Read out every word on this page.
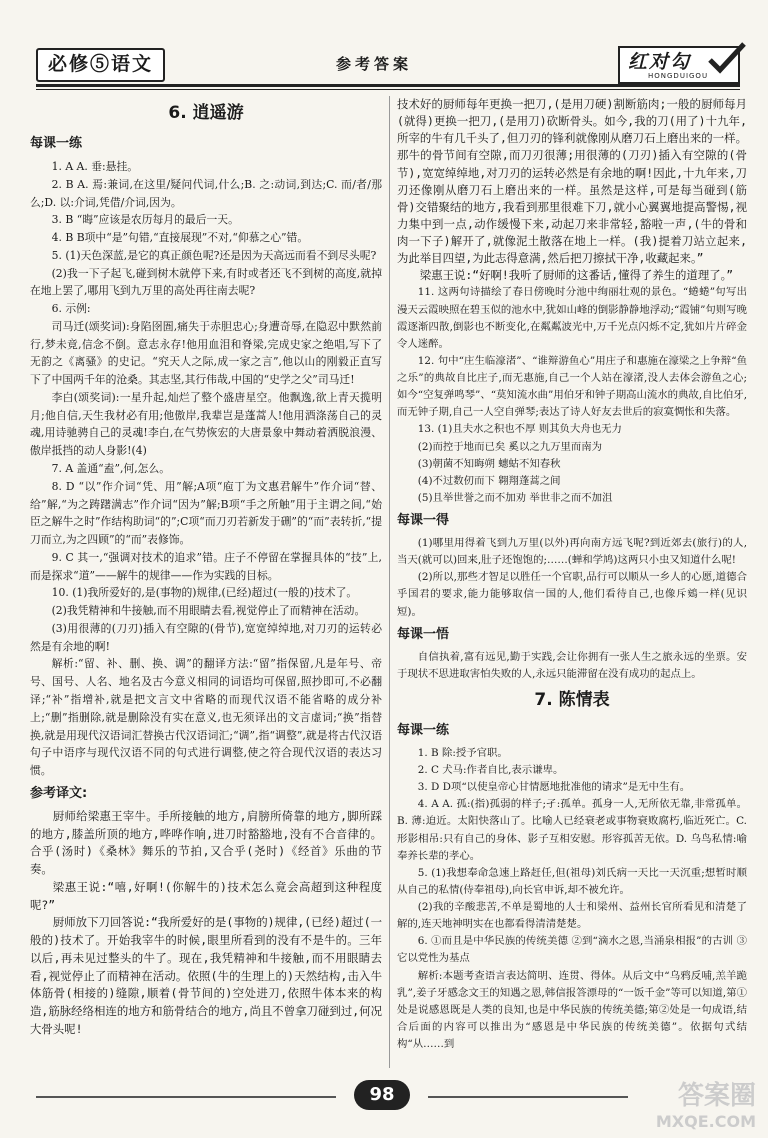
必修⑤语文	参考答案	红对勾
HONGDUIGOU
6. 逍遥游
每课一练

1. A A. 垂:悬挂。

2. B A. 焉:兼词,在这里/疑问代词,什么;B. 之:动词,到达;C. 而/者/那么;D. 以:介词,凭借/介词,因为。

3. B “晦”应该是农历每月的最后一天。

4. B B项中“是”句错,“直接展现”不对,“仰慕之心”错。

5. (1)天色深蓝,是它的真正颜色呢?还是因为天高远而看不到尽头呢?

(2)我一下子起飞,碰到树木就停下来,有时或者还飞不到树的高度,就掉在地上罢了,哪用飞到九万里的高处再往南去呢?

6. 示例:

司马迁(颂奖词):身陷囹圄,痛失于赤胆忠心;身遭奇辱,在隐忍中默然前行,梦未竟,信念不倒。意志永存!他用血泪和脊梁,完成史家之绝唱,写下了无韵之《离骚》的史记。“究天人之际,成一家之言”,他以山的刚毅正直写下了中国两千年的沧桑。其志坚,其行伟哉,中国的“史学之父”司马迁!

李白(颂奖词):一星升起,灿烂了整个盛唐星空。他飘逸,欲上青天揽明月;他自信,天生我材必有用;他傲岸,我辈岂是蓬蒿人!他用酒涤荡自己的灵魂,用诗驰骋自己的灵魂!李白,在气势恢宏的大唐景象中舞动着洒脱浪漫、傲岸抵挡的动人身影!(4)

7. A 盖通“盍”,何,怎么。

8. D “以”作介词“凭、用”解;A项“庖丁为文惠君解牛”作介词“替、给”解,“为之踌躇满志”作介词“因为”解;B项“手之所触”用于主谓之间,“始臣之解牛之时”作结构助词“的”;C项“而刀刃若新发于硎”的“而”表转折,“提刀而立,为之四顾”的“而”表修饰。

9. C 其一,“强调对技术的追求”错。庄子不停留在掌握具体的“技”上,而是探求“道”——解牛的规律——作为实践的目标。

10. (1)我所爱好的,是(事物的)规律,(已经)超过(一般的)技术了。

(2)我凭精神和牛接触,而不用眼睛去看,视觉停止了而精神在活动。

(3)用很薄的(刀刃)插入有空隙的(骨节),宽宽绰绰地,对刀刃的运转必然是有余地的啊!

解析:“留、补、删、换、调”的翻译方法:“留”指保留,凡是年号、帝号、国号、人名、地名及古今意义相同的词语均可保留,照抄即可,不必翻译;“补”指增补,就是把文言文中省略的而现代汉语不能省略的成分补上;“删”指删除,就是删除没有实在意义,也无须译出的文言虚词;“换”指替换,就是用现代汉语词汇替换古代汉语词汇;“调”,指“调整”,就是将古代汉语句子中语序与现代汉语不同的句式进行调整,使之符合现代汉语的表达习惯。

参考译文:

厨师给梁惠王宰牛。手所接触的地方,肩膀所倚靠的地方,脚所踩的地方,膝盖所顶的地方,哗哗作响,进刀时豁豁地,没有不合音律的。合乎(汤时)《桑林》舞乐的节拍,又合乎(尧时)《经首》乐曲的节奏。

梁惠王说:“嘻,好啊!(你解牛的)技术怎么竟会高超到这种程度呢?”

厨师放下刀回答说:“我所爱好的是(事物的)规律,(已经)超过(一般的)技术了。开始我宰牛的时候,眼里所看到的没有不是牛的。三年以后,再未见过整头的牛了。现在,我凭精神和牛接触,而不用眼睛去看,视觉停止了而精神在活动。依照(牛的生理上的)天然结构,击入牛体筋骨(相接的)缝隙,顺着(骨节间的)空处进刀,依照牛体本来的构造,筋脉经络相连的地方和筋骨结合的地方,尚且不曾拿刀碰到过,何况大骨头呢!

技术好的厨师每年更换一把刀,(是用刀硬)割断筋肉;一般的厨师每月(就得)更换一把刀,(是用刀)砍断骨头。如今,我的刀(用了)十九年,所宰的牛有几千头了,但刀刃的锋利就像刚从磨刀石上磨出来的一样。那牛的骨节间有空隙,而刀刃很薄;用很薄的(刀刃)插入有空隙的(骨节),宽宽绰绰地,对刀刃的运转必然是有余地的啊!因此,十九年来,刀刃还像刚从磨刀石上磨出来的一样。虽然是这样,可是每当碰到(筋骨)交错聚结的地方,我看到那里很难下刀,就小心翼翼地提高警惕,视力集中到一点,动作缓慢下来,动起刀来非常轻,豁啦一声,(牛的骨和肉一下子)解开了,就像泥土散落在地上一样。(我)提着刀站立起来,为此举目四望,为此志得意满,然后把刀擦拭干净,收藏起来。”

梁惠王说:“好啊!我听了厨师的这番话,懂得了养生的道理了。”

11. 这两句诗描绘了春日傍晚时分池中绚丽壮观的景色。“蜷蜷”句写出漫天云霞映照在碧玉似的池水中,犹如山峰的倒影静静地浮动;“霞铺”句则写晚霞逐渐四散,倒影也不断变化,在粼粼波光中,万千光点闪烁不定,犹如片片碎金令人迷醉。

12. 句中“庄生临濠渚”、“谁辩游鱼心”用庄子和惠施在濠梁之上争辩“鱼之乐”的典故自比庄子,而无惠施,自己一个人站在濠渚,没人去体会游鱼之心;如今“空复弹鸣琴”、“莫知流水曲”用伯牙和钟子期高山流水的典故,自比伯牙,而无钟子期,自己一人空自弹琴;表达了诗人好友去世后的寂寞惆怅和失落。

13. (1)且夫水之积也不厚 则其负大舟也无力

(2)而控于地而已矣 奚以之九万里而南为

(3)朝菌不知晦朔 蟪蛄不知春秋

(4)不过数仞而下 翱翔蓬蒿之间

(5)且举世誉之而不加劝 举世非之而不加沮

每课一得

(1)哪里用得着飞到九万里(以外)再向南方远飞呢?到近郊去(旅行)的人,当天(就可以)回来,肚子还饱饱的;……(蝉和学鸠)这两只小虫又知道什么呢!

(2)所以,那些才智足以胜任一个官职,品行可以顺从一乡人的心愿,道德合乎国君的要求,能力能够取信一国的人,他们看待自己,也像斥鴳一样(见识短)。

每课一悟

自信执着,富有远见,勤于实践,会让你拥有一张人生之旅永远的坐票。安于现状不思进取害怕失败的人,永远只能滞留在没有成功的起点上。

7. 陈情表
每课一练

1. B 除:授予官职。

2. C 犬马:作者自比,表示谦卑。

3. D D项“以使皇帝心甘情愿地批准他的请求”是无中生有。

4. A A. 孤:(指)孤弱的样子;孑:孤单。孤身一人,无所依无靠,非常孤单。B. 薄:迫近。太阳快落山了。比喻人已经衰老或事物衰败腐朽,临近死亡。C. 形影相吊:只有自己的身体、影子互相安慰。形容孤苦无依。D. 乌鸟私情:喻奉养长辈的孝心。

5. (1)我想奉命急速上路赶任,但(祖母)刘氏病一天比一天沉重;想暂时顺从自己的私情(侍奉祖母),向长官申诉,却不被允许。

(2)我的辛酸悲苦,不单是蜀地的人士和梁州、益州长官所看见和清楚了解的,连天地神明实在也都看得清清楚楚。

6. ①而且是中华民族的传统美德 ②到“滴水之恩,当涌泉相报”的古训 ③它以党性为基点

解析:本题考查语言表达简明、连贯、得体。从后文中“乌鸦反哺,羔羊跪乳”,姜子牙感念文王的知遇之恩,韩信报答漂母的“一饭千金”等可以知道,第①处是说感恩既是人类的良知,也是中华民族的传统美德;第②处是一句成语,结合后面的内容可以推出为“感恩是中华民族的传统美德”。依据句式结构“从……到

98	答案圈
MXQE.COM
